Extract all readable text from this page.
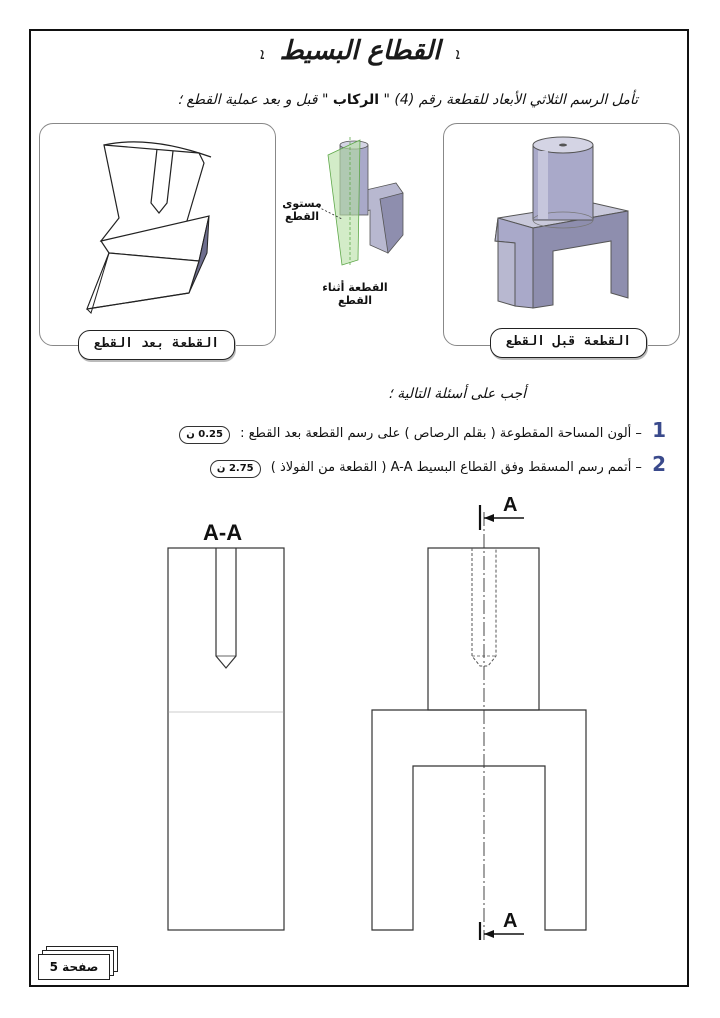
ܐ القطاع البسيط ܐ
تأمل الرسم الثلاثي الأبعاد للقطعة رقم (4) " الركاب " قبل و بعد عملية القطع ؛
القطعة بعد القطع	القطعة قبل القطع
مستوى
القطع
القطعة أثناء القطع
أجب على أسئلة التالية ؛
1 – ألون المساحة المقطوعة ( بقلم الرصاص ) على رسم القطعة بعد القطع : 0.25 ن
2 – أتمم رسم المسقط وفق القطاع البسيط A-A ( القطعة من الفولاذ ) 2.75 ن
A-A
A
A
صفحة 5
